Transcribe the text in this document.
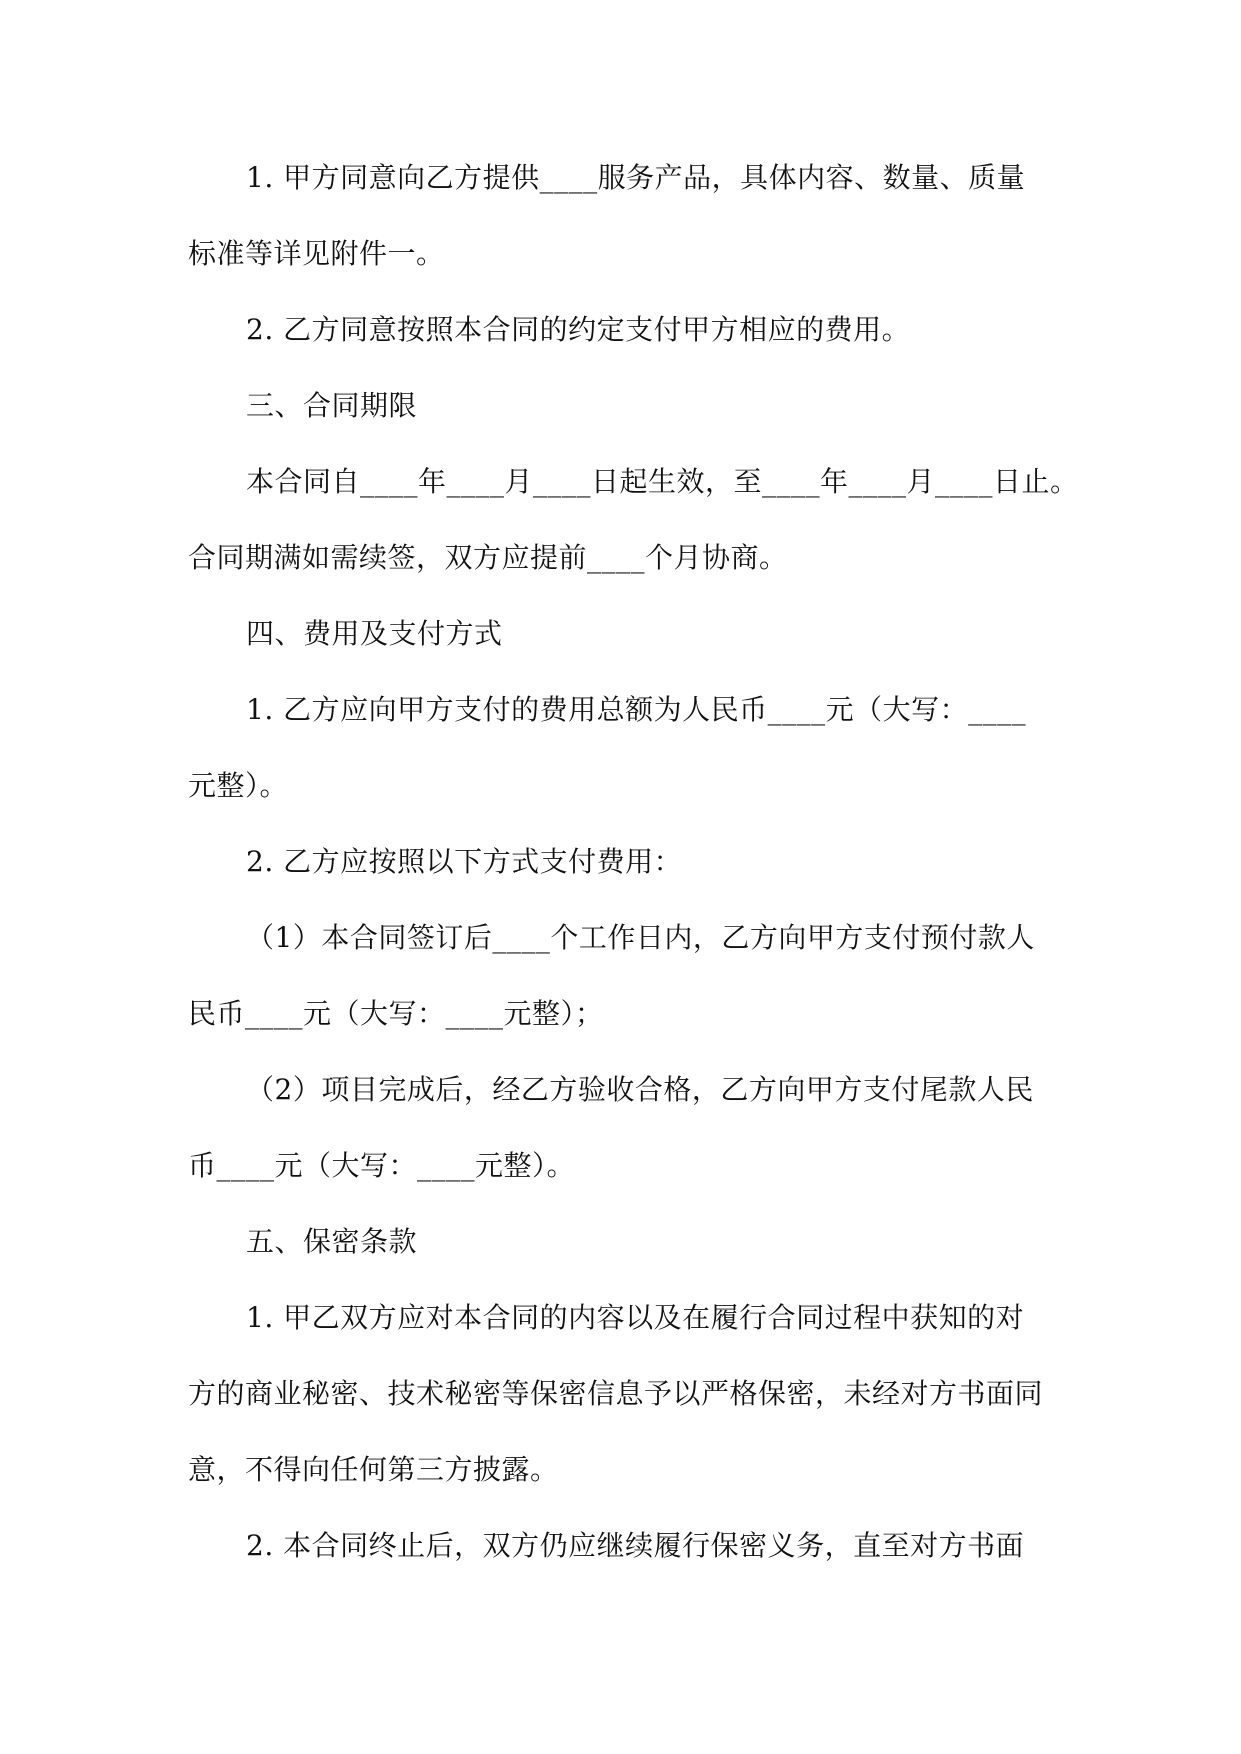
1. 甲方同意向乙方提供____服务产品，具体内容、数量、质量
标准等详见附件一。

2. 乙方同意按照本合同的约定支付甲方相应的费用。

三、合同期限

本合同自____年____月____日起生效，至____年____月____日止。
合同期满如需续签，双方应提前____个月协商。

四、费用及支付方式

1. 乙方应向甲方支付的费用总额为人民币____元（大写：____
元整）。

2. 乙方应按照以下方式支付费用：

（1）本合同签订后____个工作日内，乙方向甲方支付预付款人
民币____元（大写：____元整）；

（2）项目完成后，经乙方验收合格，乙方向甲方支付尾款人民
币____元（大写：____元整）。

五、保密条款

1. 甲乙双方应对本合同的内容以及在履行合同过程中获知的对
方的商业秘密、技术秘密等保密信息予以严格保密，未经对方书面同
意，不得向任何第三方披露。

2. 本合同终止后，双方仍应继续履行保密义务，直至对方书面
